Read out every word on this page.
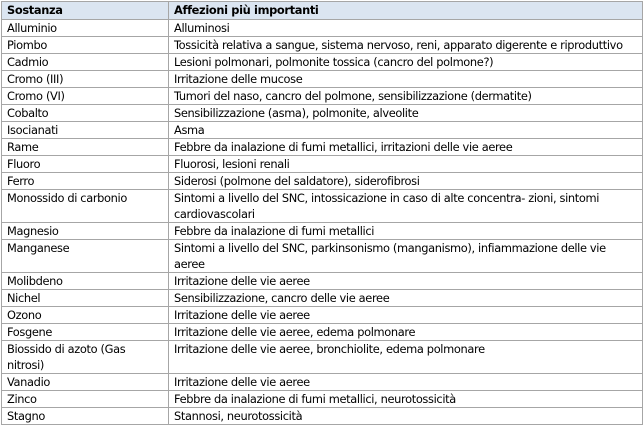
Sostanza	Affezioni più importanti
Alluminio	Alluminosi
Piombo	Tossicità relativa a sangue, sistema nervoso, reni, apparato digerente e riproduttivo
Cadmio	Lesioni polmonari, polmonite tossica (cancro del polmone?)
Cromo (III)	Irritazione delle mucose
Cromo (VI)	Tumori del naso, cancro del polmone, sensibilizzazione (dermatite)
Cobalto	Sensibilizzazione (asma), polmonite, alveolite
Isocianati	Asma
Rame	Febbre da inalazione di fumi metallici, irritazioni delle vie aeree
Fluoro	Fluorosi, lesioni renali
Ferro	Siderosi (polmone del saldatore), siderofibrosi
Monossido di carbonio	Sintomi a livello del SNC, intossicazione in caso di alte concentra- zioni, sintomi cardiovascolari
Magnesio	Febbre da inalazione di fumi metallici
Manganese	Sintomi a livello del SNC, parkinsonismo (manganismo), infiammazione delle vie aeree
Molibdeno	Irritazione delle vie aeree
Nichel	Sensibilizzazione, cancro delle vie aeree
Ozono	Irritazione delle vie aeree
Fosgene	Irritazione delle vie aeree, edema polmonare
Biossido di azoto (Gas nitrosi)	Irritazione delle vie aeree, bronchiolite, edema polmonare
Vanadio	Irritazione delle vie aeree
Zinco	Febbre da inalazione di fumi metallici, neurotossicità
Stagno	Stannosi, neurotossicità
